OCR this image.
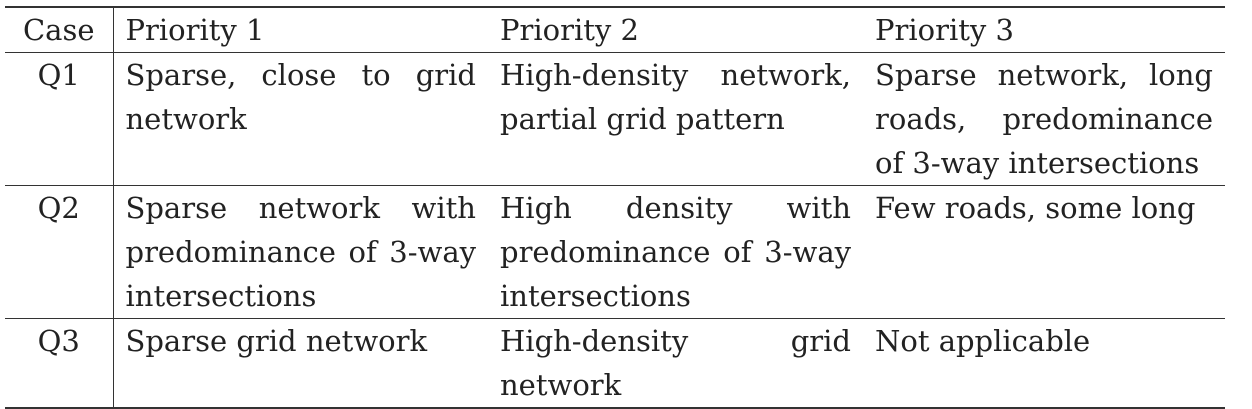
Case	Priority 1	Priority 2	Priority 3
Q1	Sparse, close to grid network	High-density network, partial grid pattern	Sparse network, long roads, predominance of 3-way intersections
Q2	Sparse network with predominance of 3-way intersections	High density with predominance of 3-way intersections	Few roads, some long
Q3	Sparse grid network	High-density grid network	Not applicable
